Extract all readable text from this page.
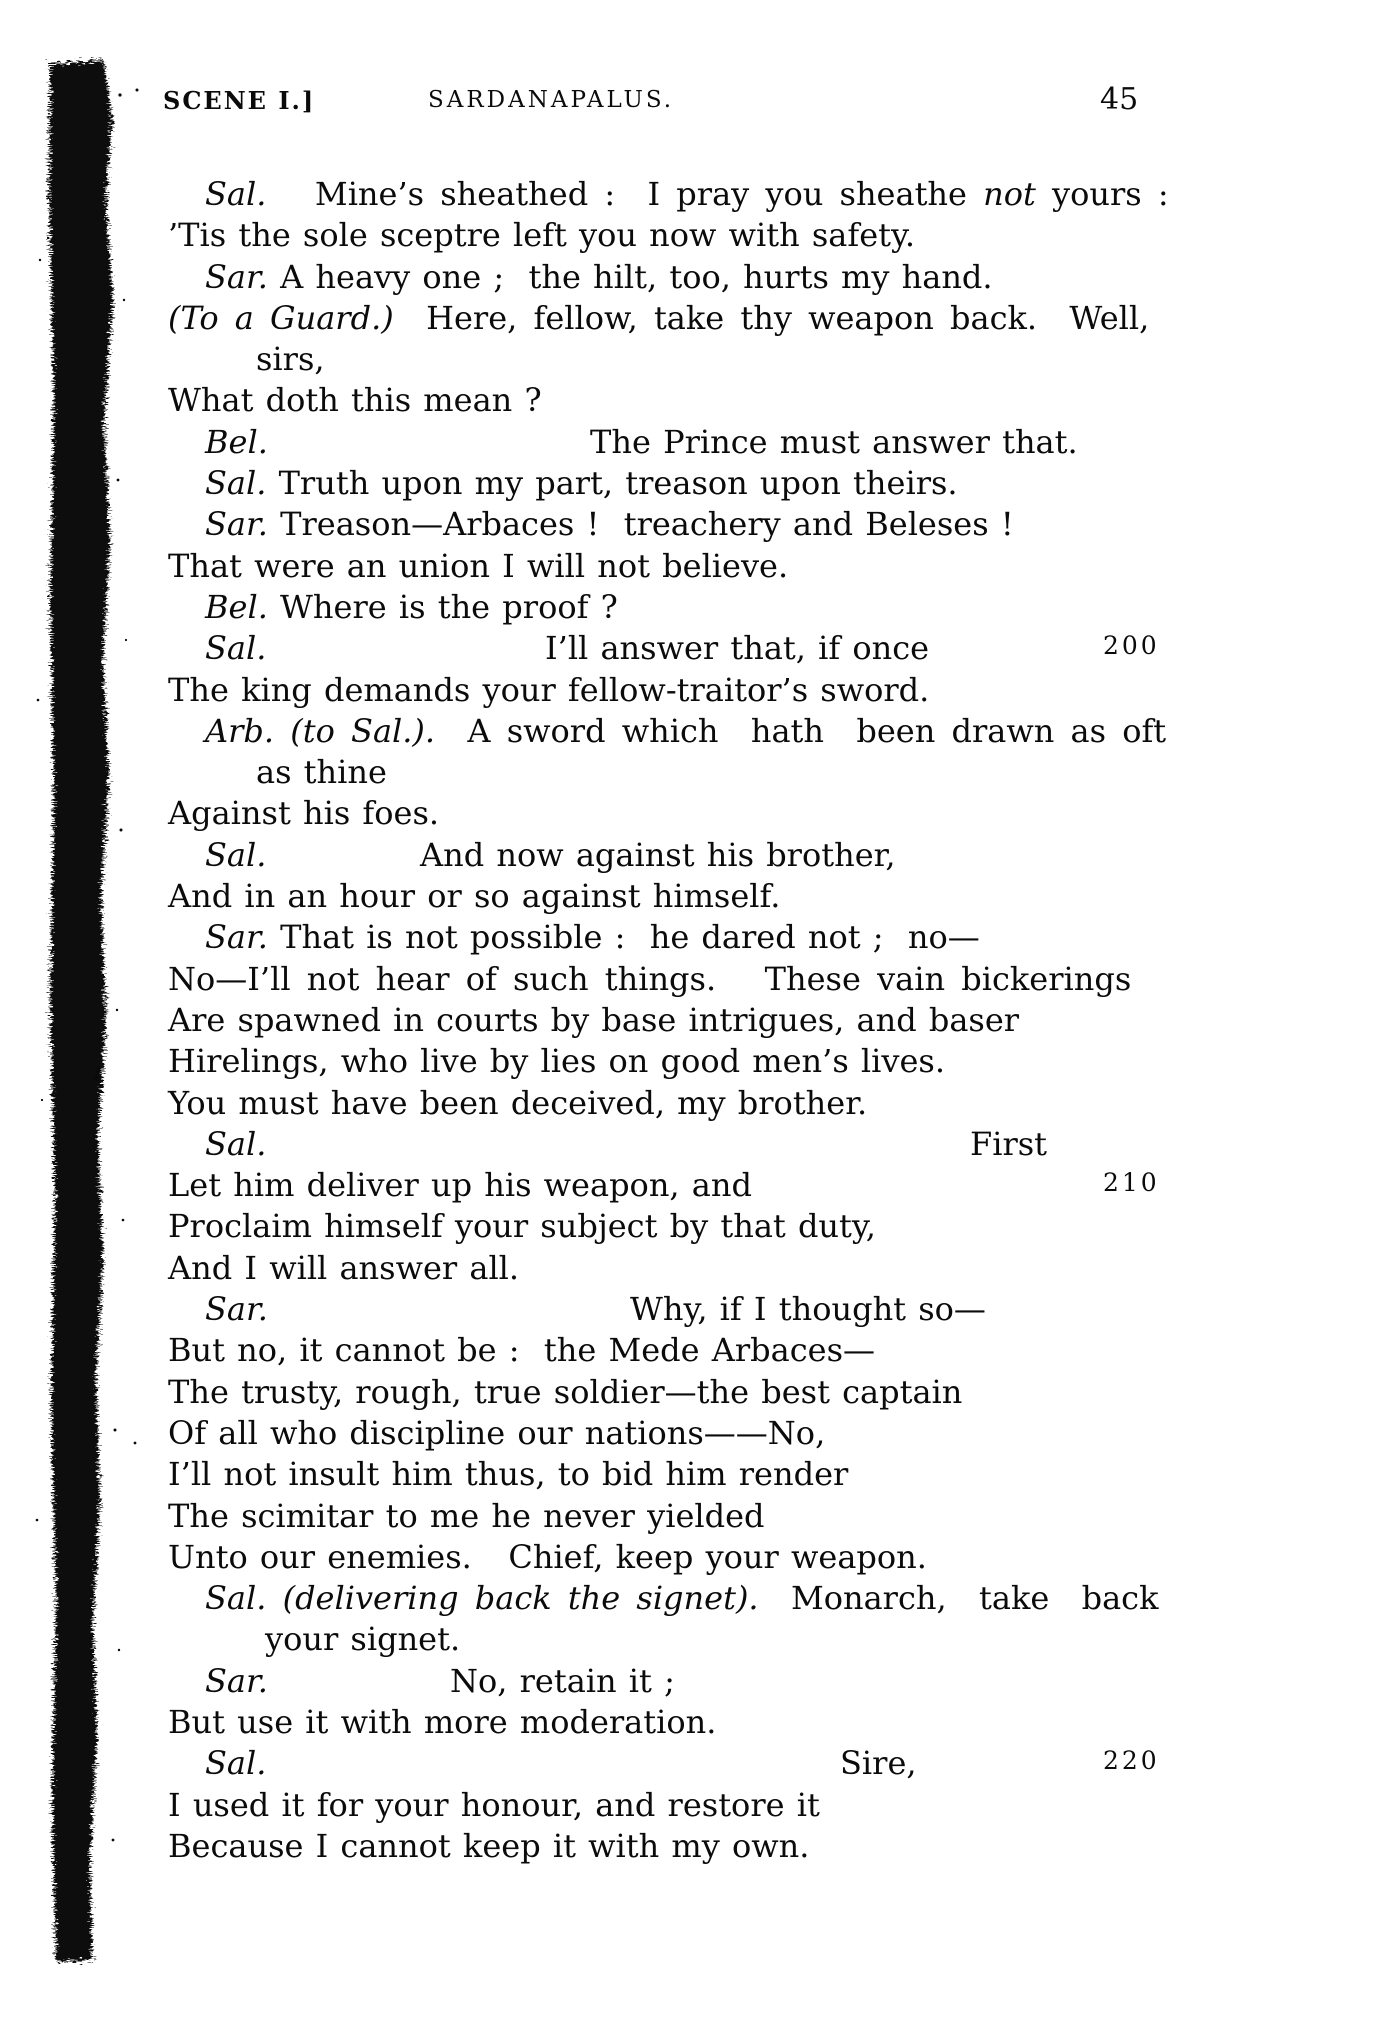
SCENE I.]	SARDANAPALUS.	45
Sal.   Mine’s sheathed :  I pray you sheathe not yours :
’Tis the sole sceptre left you now with safety.
Sar. A heavy one ;  the hilt, too, hurts my hand.
(To a Guard.)  Here, fellow, take thy weapon back.  Well,
sirs,
What doth this mean ?
Bel.	The Prince must answer that.
Sal. Truth upon my part, treason upon theirs.
Sar. Treason—Arbaces !  treachery and Beleses !
That were an union I will not believe.
Bel. Where is the proof ?
Sal.	I’ll answer that, if once	200
The king demands your fellow-traitor’s sword.
Arb. (to Sal.).  A sword which  hath  been drawn as oft
as thine
Against his foes.
Sal.	And now against his brother,
And in an hour or so against himself.
Sar. That is not possible :  he dared not ;  no—
No—I’ll not hear of such things.   These vain bickerings
Are spawned in courts by base intrigues, and baser
Hirelings, who live by lies on good men’s lives.
You must have been deceived, my brother.
Sal.	First
Let him deliver up his weapon, and	210
Proclaim himself your subject by that duty,
And I will answer all.
Sar.	Why, if I thought so—
But no, it cannot be :  the Mede Arbaces—
The trusty, rough, true soldier—the best captain
Of all who discipline our nations——No,
I’ll not insult him thus, to bid him render
The scimitar to me he never yielded
Unto our enemies.   Chief, keep your weapon.
Sal. (delivering back the signet).  Monarch,  take  back
your signet.
Sar.	No, retain it ;
But use it with more moderation.
Sal.	Sire,	220
I used it for your honour, and restore it
Because I cannot keep it with my own.
